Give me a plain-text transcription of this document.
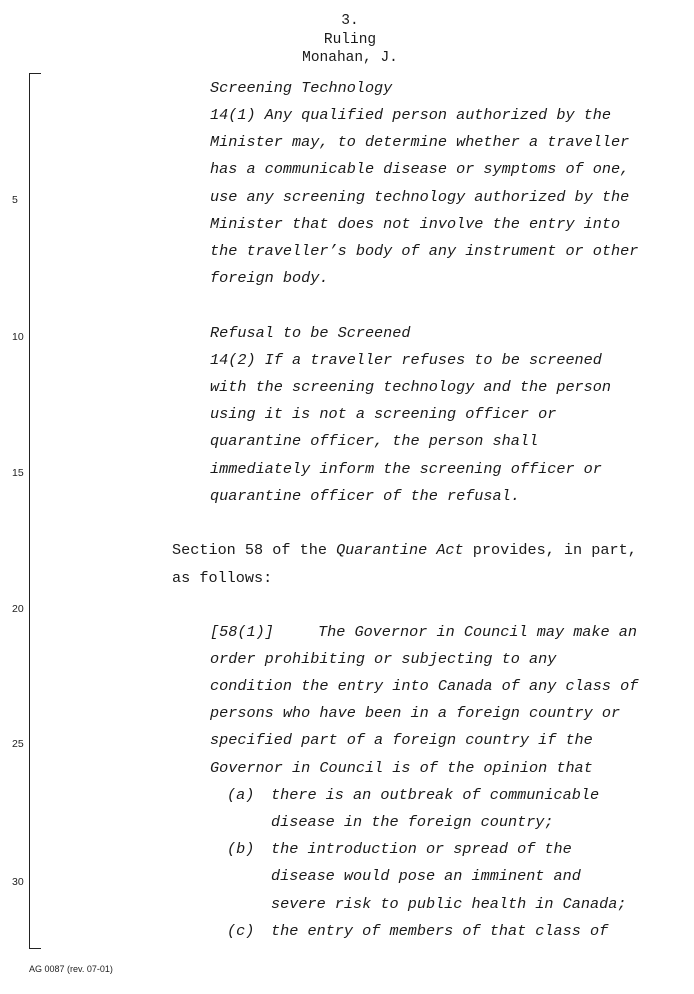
3.
Ruling
Monahan, J.
5
10
15
20
25
30
Screening Technology
14(1) Any qualified person authorized by the
Minister may, to determine whether a traveller
has a communicable disease or symptoms of one,
use any screening technology authorized by the
Minister that does not involve the entry into
the traveller’s body of any instrument or other
foreign body.
Refusal to be Screened
14(2) If a traveller refuses to be screened
with the screening technology and the person
using it is not a screening officer or
quarantine officer, the person shall
immediately inform the screening officer or
quarantine officer of the refusal.
Section 58 of the Quarantine Act provides, in part,
as follows:
[58(1)]	The Governor in Council may make an
order prohibiting or subjecting to any
condition the entry into Canada of any class of
persons who have been in a foreign country or
specified part of a foreign country if the
Governor in Council is of the opinion that
(a) there is an outbreak of communicable
disease in the foreign country;
(b) the introduction or spread of the
disease would pose an imminent and
severe risk to public health in Canada;
(c) the entry of members of that class of
AG 0087 (rev. 07-01)
